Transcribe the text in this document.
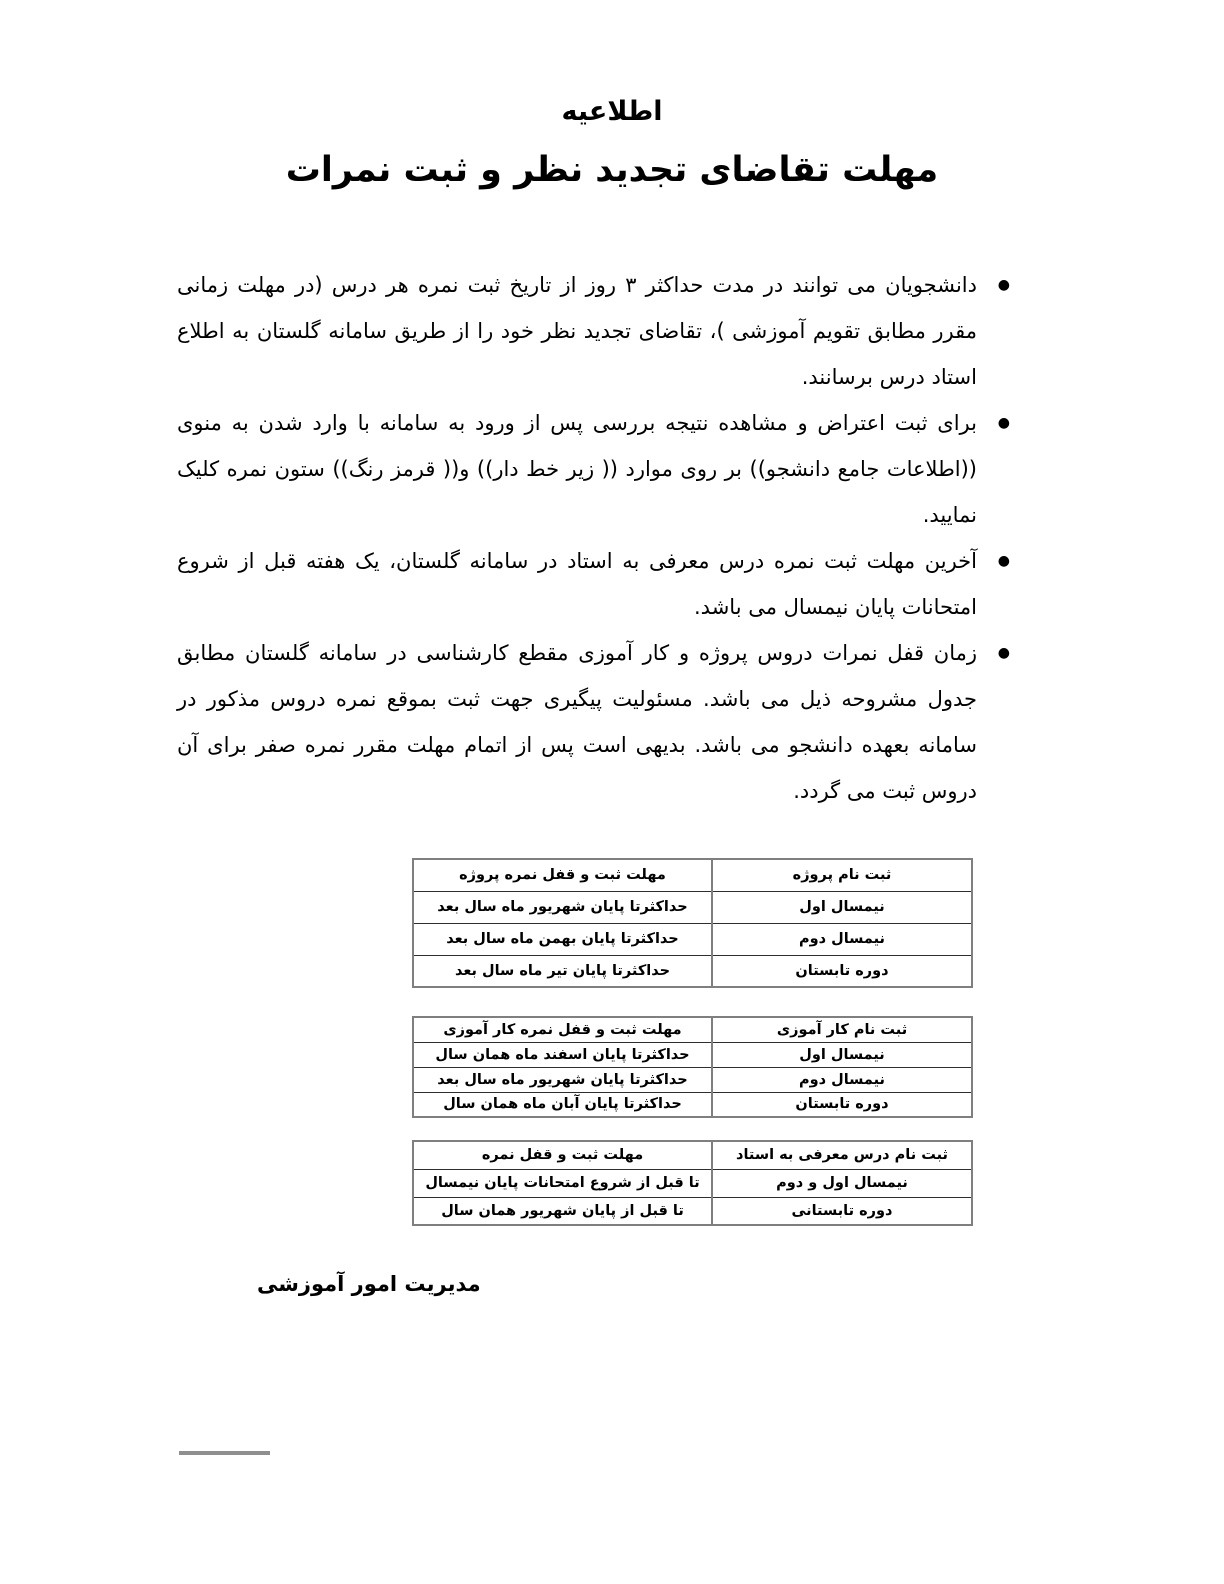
اطلاعیه
مهلت تقاضای تجدید نظر و ثبت نمرات
● دانشجویان می توانند در مدت حداکثر ۳ روز از تاریخ ثبت نمره هر درس (در مهلت زمانی مقرر مطابق تقویم آموزشی )، تقاضای تجدید نظر خود را از طریق سامانه گلستان به اطلاع استاد درس برسانند.
● برای ثبت اعتراض و مشاهده نتیجه بررسی پس از ورود به سامانه با وارد شدن به منوی ((اطلاعات جامع دانشجو)) بر روی موارد (( زیر خط دار)) و(( قرمز رنگ)) ستون نمره کلیک نمایید.
● آخرین مهلت ثبت نمره درس معرفی به استاد در سامانه گلستان، یک هفته قبل از شروع امتحانات پایان نیمسال می باشد.
● زمان قفل نمرات دروس پروژه و کار آموزی مقطع کارشناسی در سامانه گلستان مطابق جدول مشروحه ذیل می باشد. مسئولیت پیگیری جهت ثبت بموقع نمره دروس مذکور در سامانه بعهده دانشجو می باشد. بدیهی است پس از اتمام مهلت مقرر نمره صفر برای آن دروس ثبت می گردد.
ثبت نام پروژه	مهلت ثبت و قفل نمره پروژه
نیمسال اول	حداکثرتا پایان شهریور ماه سال بعد
نیمسال دوم	حداکثرتا پایان بهمن ماه سال بعد
دوره تابستان	حداکثرتا پایان تیر ماه سال بعد
ثبت نام کار آموزی	مهلت ثبت و قفل نمره کار آموزی
نیمسال اول	حداکثرتا پایان اسفند ماه همان سال
نیمسال دوم	حداکثرتا پایان شهریور ماه سال بعد
دوره تابستان	حداکثرتا پایان آبان ماه همان سال
ثبت نام درس معرفی به استاد	مهلت ثبت و قفل نمره
نیمسال اول و دوم	تا قبل از شروع امتحانات پایان نیمسال
دوره تابستانی	تا قبل از پایان شهریور همان سال
مدیریت امور آموزشی
